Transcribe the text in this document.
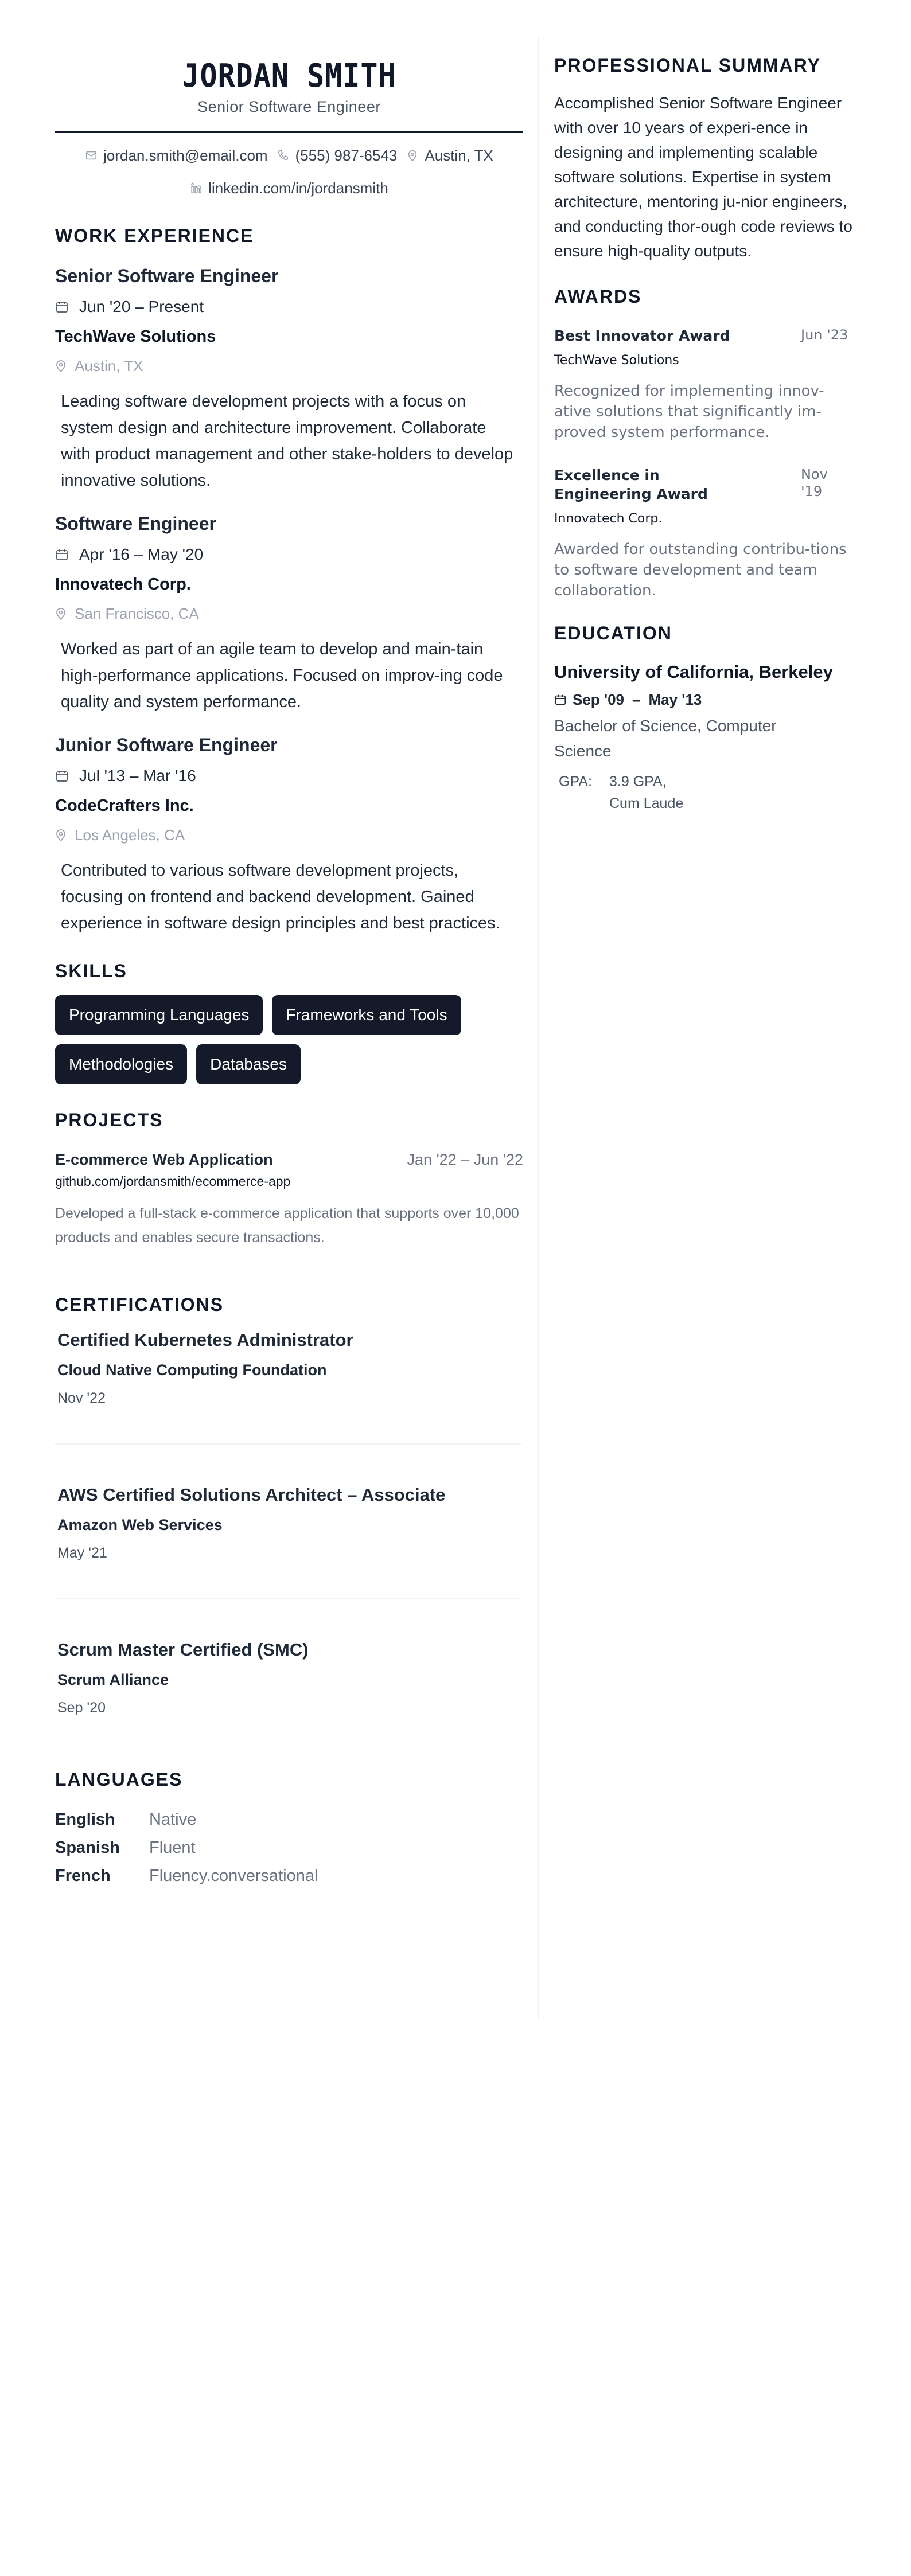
JORDAN SMITH
Senior Software Engineer
jordan.smith@email.com (555) 987-6543 Austin, TX
linkedin.com/in/jordansmith
WORK EXPERIENCE
Senior Software Engineer
Jun '20 – Present
TechWave Solutions
Austin, TX

Leading software development projects with a focus on system design and architecture improvement. Collaborate with product management and other stake-holders to develop innovative solutions.

Software Engineer
Apr '16 – May '20
Innovatech Corp.
San Francisco, CA

Worked as part of an agile team to develop and main-tain high-performance applications. Focused on improv-ing code quality and system performance.

Junior Software Engineer
Jul '13 – Mar '16
CodeCrafters Inc.
Los Angeles, CA

Contributed to various software development projects, focusing on frontend and backend development. Gained experience in software design principles and best practices.

SKILLS
Programming Languages	Frameworks and Tools
Methodologies	Databases
PROJECTS
E-commerce Web Application	Jan '22 – Jun '22
github.com/jordansmith/ecommerce-app

Developed a full-stack e-commerce application that supports over 10,000 products and enables secure transactions.

CERTIFICATIONS
Certified Kubernetes Administrator
Cloud Native Computing Foundation
Nov '22
AWS Certified Solutions Architect – Associate
Amazon Web Services
May '21
Scrum Master Certified (SMC)
Scrum Alliance
Sep '20
LANGUAGES
English	Native
Spanish	Fluent
French	Fluency.conversational
PROFESSIONAL SUMMARY

Accomplished Senior Software Engineer with over 10 years of experi-ence in designing and implementing scalable software solutions. Expertise in system architecture, mentoring ju-nior engineers, and conducting thor-ough code reviews to ensure high-quality outputs.

AWARDS
Best Innovator Award	Jun '23
TechWave Solutions

Recognized for implementing innov-ative solutions that significantly im-proved system performance.

Excellence in Engineering Award
Nov '19
Innovatech Corp.

Awarded for outstanding contribu-tions to software development and team collaboration.

EDUCATION
University of California, Berkeley
Sep '09 – May '13
Bachelor of Science, Computer Science
GPA:	3.9 GPA, Cum Laude
